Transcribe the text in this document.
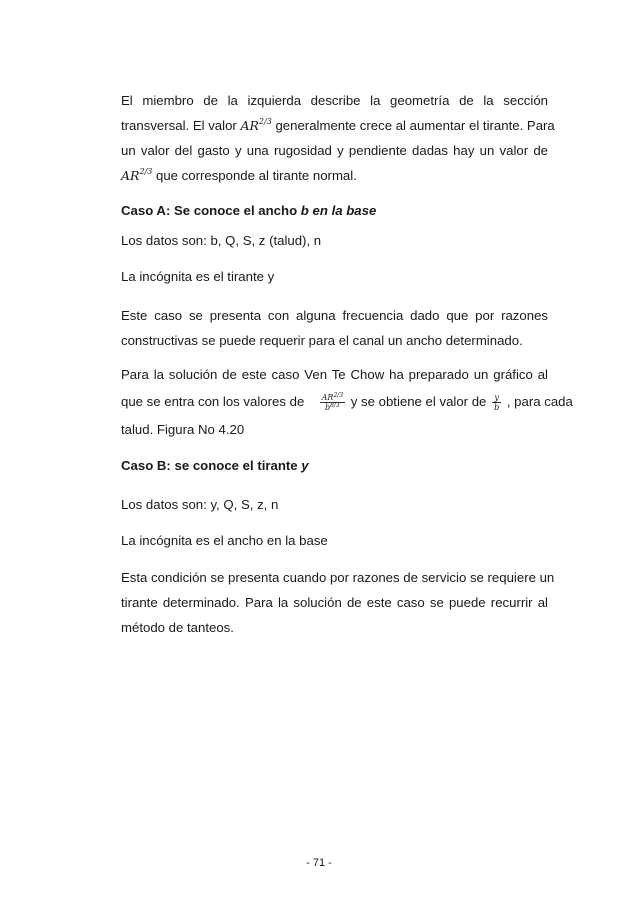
El miembro de la izquierda describe la geometría de la sección
transversal. El valor $AR^{2/3}$ generalmente crece al aumentar el tirante. Para
un valor del gasto y una rugosidad y pendiente dadas hay un valor de
$AR^{2/3}$ que corresponde al tirante normal.
Caso A: Se conoce el ancho b en la base
Los datos son: b, Q, S, z (talud), n
La incógnita es el tirante y
Este caso se presenta con alguna frecuencia dado que por razones
constructivas se puede requerir para el canal un ancho determinado.
Para la solución de este caso Ven Te Chow ha preparado un gráfico al
que se entra con los valores de $\frac{AR^{2/3}}{b^{8/3}}$ y se obtiene el valor de $\frac{y}{b}$ , para cada
talud. Figura No 4.20
Caso B: se conoce el tirante y
Los datos son: y, Q, S, z, n
La incógnita es el ancho en la base
Esta condición se presenta cuando por razones de servicio se requiere un
tirante determinado. Para la solución de este caso se puede recurrir al
método de tanteos.
- 71 -
